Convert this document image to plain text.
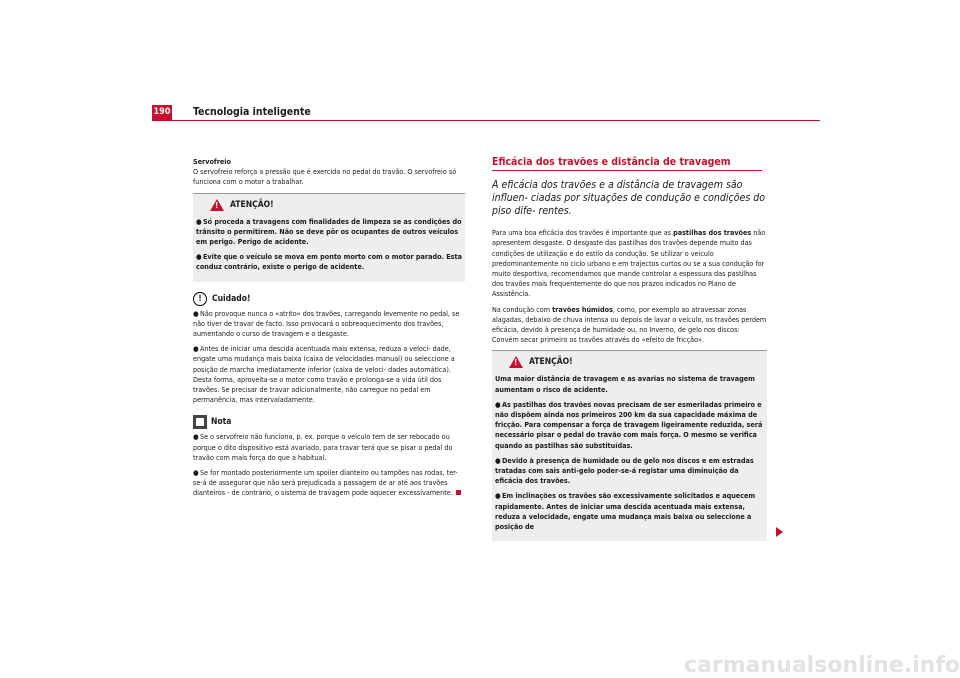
190 Tecnologia inteligente

Servofreio
O servofreio reforça a pressão que é exercida no pedal do travão. O servofreio só funciona com o motor a trabalhar.

!
ATENÇÃO!

●Só proceda a travagens com finalidades de limpeza se as condições do trânsito o permitirem. Não se deve pôr os ocupantes de outros veículos em perigo. Perigo de acidente.

●Evite que o veículo se mova em ponto morto com o motor parado. Esta conduz contrário, existe o perigo de acidente.

!	Cuidado!

●Não provoque nunca o «atrito» dos travões, carregando levemente no pedal, se não tiver de travar de facto. Isso provocará o sobreaquecimento dos travões, aumentando o curso de travagem e o desgaste.

●Antes de iniciar uma descida acentuada mais extensa, reduza a veloci- dade, engate uma mudança mais baixa (caixa de velocidades manual) ou seleccione a posição de marcha imediatamente inferior (caixa de veloci- dades automática). Desta forma, aproveita-se o motor como travão e prolonga-se a vida útil dos travões. Se precisar de travar adicionalmente, não carregue no pedal em permanência, mas intervaladamente.

Nota

●Se o servofreio não funciona, p. ex. porque o veículo tem de ser rebocado ou porque o dito dispositivo está avariado, para travar terá que se pisar o pedal do travão com mais força do que a habitual.

●Se for montado posteriormente um spoiler dianteiro ou tampões nas rodas, ter-se-á de assegurar que não será prejudicada a passagem de ar até aos travões dianteiros - de contrário, o sistema de travagem pode aquecer excessivamente.

Eficácia dos travões e distância de travagem
A eficácia dos travões e a distância de travagem são influen- ciadas por situações de condução e condições do piso dife- rentes.

Para uma boa eficácia dos travões é importante que as pastilhas dos travões não apresentem desgaste. O desgaste das pastilhas dos travões depende muito das condições de utilização e do estilo da condução. Se utilizar o veículo predominantemente no ciclo urbano e em trajectos curtos ou se a sua condução for muito desportiva, recomendamos que mande controlar a espessura das pastilhas dos travões mais frequentemente do que nos prazos indicados no Plano de Assistência.

Na condução com travões húmidos, como, por exemplo ao atravessar zonas alagadas, debaixo de chuva intensa ou depois de lavar o veículo, os travões perdem eficácia, devido à presença de humidade ou, no Inverno, de gelo nos discos: Convém secar primeiro os travões através do «efeito de fricção».

!
ATENÇÃO!

Uma maior distância de travagem e as avarias no sistema de travagem aumentam o risco de acidente.

●As pastilhas dos travões novas precisam de ser esmeriladas primeiro e não dispõem ainda nos primeiros 200 km da sua capacidade máxima de fricção. Para compensar a força de travagem ligeiramente reduzida, será necessário pisar o pedal do travão com mais força. O mesmo se verifica quando as pastilhas são substituídas.

●Devido à presença de humidade ou de gelo nos discos e em estradas tratadas com sais anti-gelo poder-se-á registar uma diminuição da eficácia dos travões.

●Em inclinações os travões são excessivamente solicitados e aquecem rapidamente. Antes de iniciar uma descida acentuada mais extensa, reduza a velocidade, engate uma mudança mais baixa ou seleccione a posição de

carmanualsonline.info
